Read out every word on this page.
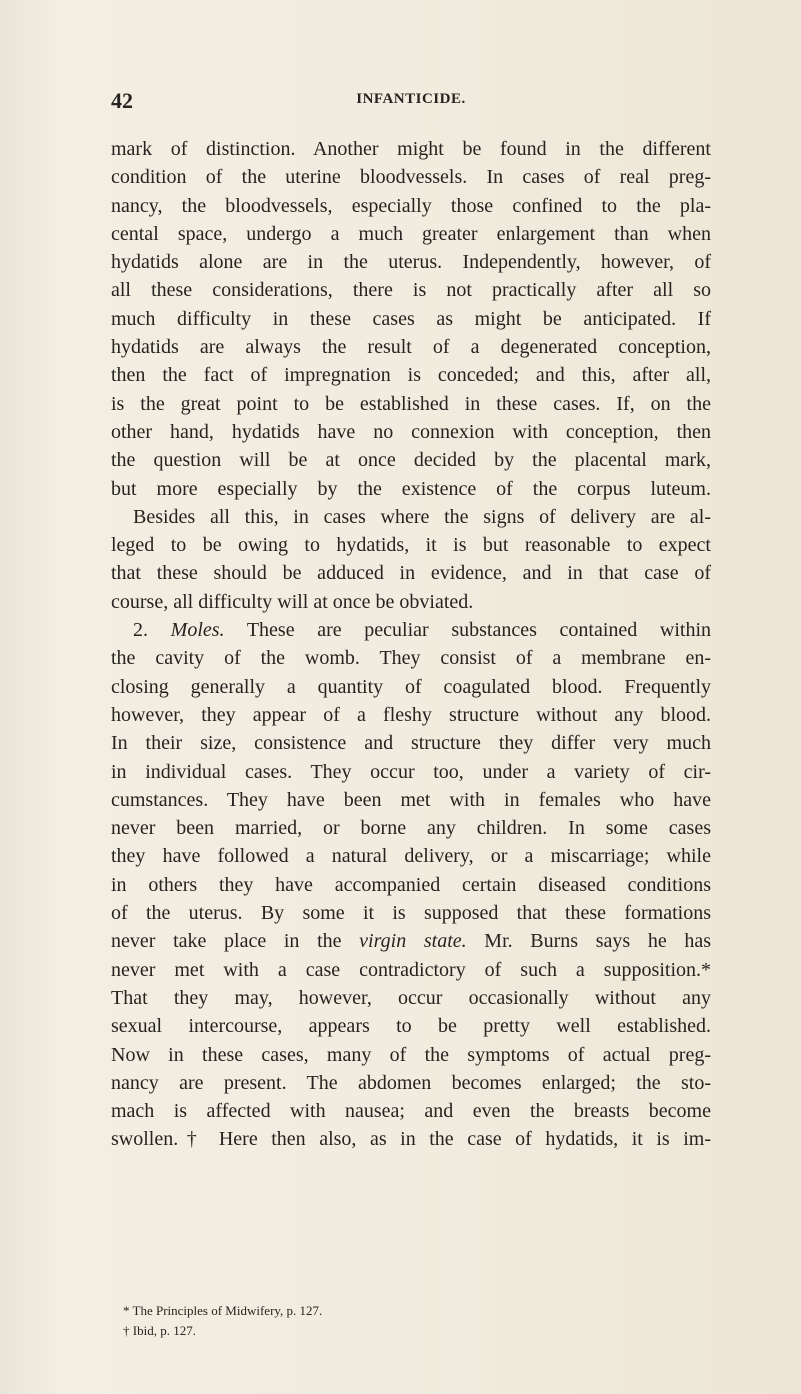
42	INFANTICIDE.
mark of distinction. Another might be found in the different
condition of the uterine bloodvessels. In cases of real preg-
nancy, the bloodvessels, especially those confined to the pla-
cental space, undergo a much greater enlargement than when
hydatids alone are in the uterus. Independently, however, of
all these considerations, there is not practically after all so
much difficulty in these cases as might be anticipated. If
hydatids are always the result of a degenerated conception,
then the fact of impregnation is conceded; and this, after all,
is the great point to be established in these cases. If, on the
other hand, hydatids have no connexion with conception, then
the question will be at once decided by the placental mark,
but more especially by the existence of the corpus luteum.
Besides all this, in cases where the signs of delivery are al-
leged to be owing to hydatids, it is but reasonable to expect
that these should be adduced in evidence, and in that case of
course, all difficulty will at once be obviated.
2. Moles. These are peculiar substances contained within
the cavity of the womb. They consist of a membrane en-
closing generally a quantity of coagulated blood. Frequently
however, they appear of a fleshy structure without any blood.
In their size, consistence and structure they differ very much
in individual cases. They occur too, under a variety of cir-
cumstances. They have been met with in females who have
never been married, or borne any children. In some cases
they have followed a natural delivery, or a miscarriage; while
in others they have accompanied certain diseased conditions
of the uterus. By some it is supposed that these formations
never take place in the virgin state. Mr. Burns says he has
never met with a case contradictory of such a supposition.*
That they may, however, occur occasionally without any
sexual intercourse, appears to be pretty well established.
Now in these cases, many of the symptoms of actual preg-
nancy are present. The abdomen becomes enlarged; the sto-
mach is affected with nausea; and even the breasts become
swollen.† Here then also, as in the case of hydatids, it is im-
* The Principles of Midwifery, p. 127.
† Ibid, p. 127.
